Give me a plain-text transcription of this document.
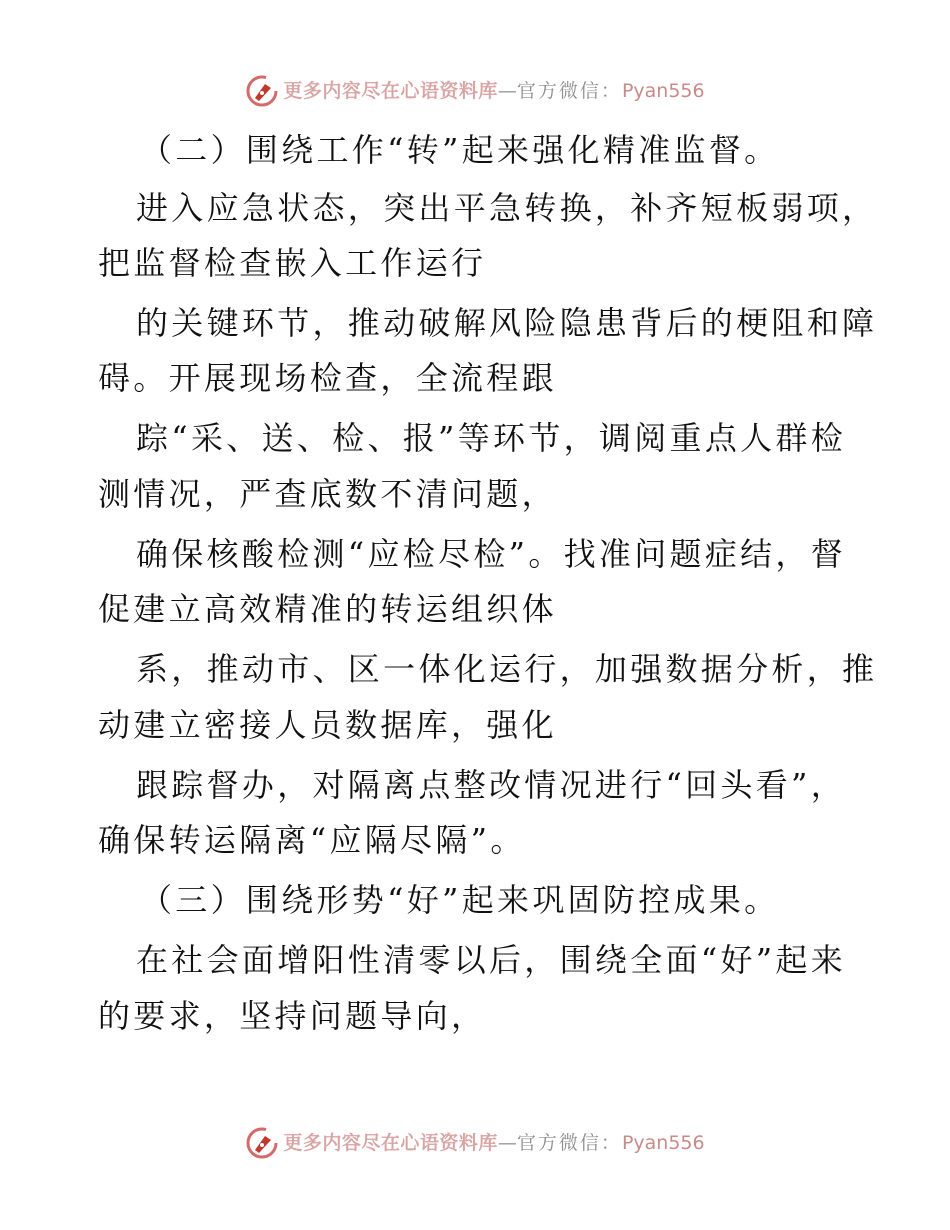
更多内容尽在心语资料库 — 官方微信： Pyan556
（二）围绕工作“转”起来强化精准监督。
进入应急状态，突出平急转换，补齐短板弱项，
把监督检查嵌入工作运行
的关键环节，推动破解风险隐患背后的梗阻和障
碍。开展现场检查，全流程跟
踪“采、送、检、报”等环节，调阅重点人群检
测情况，严查底数不清问题，
确保核酸检测“应检尽检”。找准问题症结，督
促建立高效精准的转运组织体
系，推动市、区一体化运行，加强数据分析，推
动建立密接人员数据库，强化
跟踪督办，对隔离点整改情况进行“回头看”，
确保转运隔离“应隔尽隔”。
（三）围绕形势“好”起来巩固防控成果。
在社会面增阳性清零以后，围绕全面“好”起来
的要求，坚持问题导向，
更多内容尽在心语资料库 — 官方微信： Pyan556
